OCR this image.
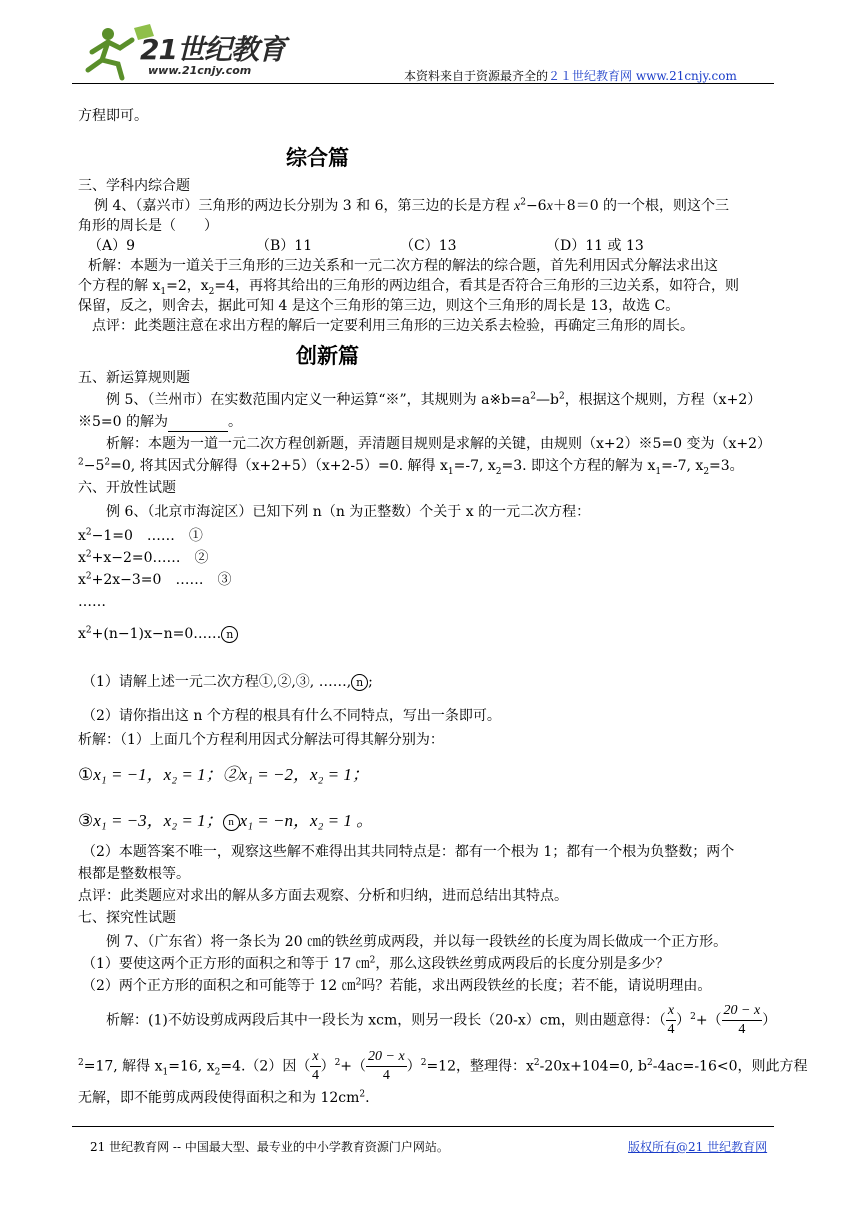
21世纪教育
www.21cnjy.com	本资料来自于资源最齐全的２１世纪教育网 www.21cnjy.com
方程即可。
综合篇
三、学科内综合题
例 4、（嘉兴市）三角形的两边长分别为 3 和 6，第三边的长是方程 $x^2-6x+8=0$ 的一个根，则这个三
角形的周长是（　　）
（A）9	（B）11	（C）13	（D）11 或 13
析解：本题为一道关于三角形的三边关系和一元二次方程的解法的综合题，首先利用因式分解法求出这
个方程的解 $x_1=2$，$x_2=4$，再将其给出的三角形的两边组合，看其是否符合三角形的三边关系，如符合，则
保留，反之，则舍去，据此可知 4 是这个三角形的第三边，则这个三角形的周长是 13，故选 C。
点评：此类题注意在求出方程的解后一定要利用三角形的三边关系去检验，再确定三角形的周长。
创新篇
五、新运算规则题
例 5、（兰州市）在实数范围内定义一种运算“※”，其规则为 $a※b=a^2—b^2$，根据这个规则，方程（x+2）
※5=0 的解为	。
析解：本题为一道一元二次方程创新题，弄清题目规则是求解的关键，由规则（x+2）※5=0 变为（x+2）
$^2-5^2=0$, 将其因式分解得（x+2+5）（x+2-5）=0. 解得 $x_1=-7$, $x_2=3$. 即这个方程的解为 $x_1=-7$, $x_2=3$。
六、开放性试题
例 6、（北京市海淀区）已知下列 n（n 为正整数）个关于 x 的一元二次方程：
$x^2-1=0$　……　①
$x^2+x-2=0\dots\dots$　②
$x^2+2x-3=0$　……　③
……
$x^2+(n-1)x-n=0\dots\dots$ n
（1）请解上述一元二次方程①,②,③, ……, n ;
（2）请你指出这 n 个方程的根具有什么不同特点，写出一条即可。
析解：（1）上面几个方程利用因式分解法可得其解分别为：
①x₁ = −1，x₂ = 1；②x₁ = −2，x₂ = 1；
③x₁ = −3，x₂ = 1； n x₁ = −n，x₂ = 1 。
（2）本题答案不唯一，观察这些解不难得出其共同特点是：都有一个根为 1；都有一个根为负整数；两个
根都是整数根等。
点评：此类题应对求出的解从多方面去观察、分析和归纳，进而总结出其特点。
七、探究性试题
例 7、（广东省）将一条长为 20 ㎝的铁丝剪成两段，并以每一段铁丝的长度为周长做成一个正方形。
（1）要使这两个正方形的面积之和等于 17 ㎝$^2$，那么这段铁丝剪成两段后的长度分别是多少？
（2）两个正方形的面积之和可能等于 12 ㎝$^2$吗？若能，求出两段铁丝的长度；若不能，请说明理由。
析解：(1)不妨设剪成两段后其中一段长为 xcm，则另一段长（20-x）cm，则由题意得：（ $\frac{x}{4} )^2+( \frac{20 - x}{4}$ ）
$^2$=17, 解得 $x_1=16$, $x_2=4.(2)$因（ $\frac{x}{4} )^2+( \frac{20 - x}{4} )^2=12$，整理得：$x^2-20x+104=0$, $b^2-4ac=-16<0$，则此方程
无解，即不能剪成两段使得面积之和为 $12cm^2$.
21 世纪教育网 -- 中国最大型、最专业的中小学教育资源门户网站。	版权所有@21 世纪教育网
